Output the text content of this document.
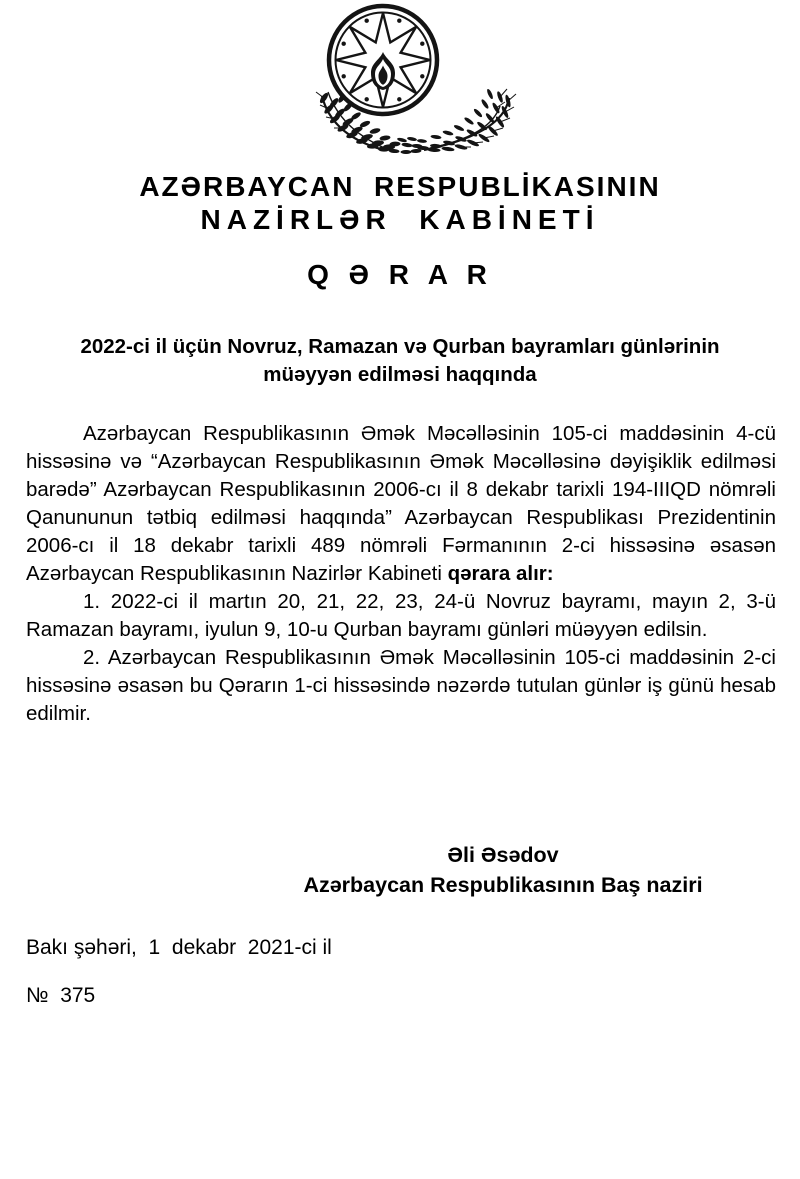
AZƏRBAYCAN  RESPUBLİKASININ
NAZİRLƏR  KABİNETİ
Q Ə R A R
2022-ci il üçün Novruz, Ramazan və Qurban bayramları günlərinin müəyyən edilməsi haqqında

Azərbaycan Respublikasının Əmək Məcəlləsinin 105-ci maddəsinin 4-cü hissəsinə və “Azərbaycan Respublikasının Əmək Məcəlləsinə dəyişiklik edilməsi barədə” Azərbaycan Respublikasının 2006-cı il 8 dekabr tarixli 194-IIIQD nömrəli Qanununun tətbiq edilməsi haqqında” Azərbaycan Respublikası Prezidentinin 2006-cı il 18 dekabr tarixli 489 nömrəli Fərmanının 2-ci hissəsinə əsasən Azərbaycan Respublikasının Nazirlər Kabineti qərara alır:

1. 2022-ci il martın 20, 21, 22, 23, 24-ü Novruz bayramı, mayın 2, 3-ü Ramazan bayramı, iyulun 9, 10-u Qurban bayramı günləri müəyyən edilsin.

2. Azərbaycan Respublikasının Əmək Məcəlləsinin 105-ci maddəsinin 2-ci hissəsinə əsasən bu Qərarın 1-ci hissəsində nəzərdə tutulan günlər iş günü hesab edilmir.

Əli Əsədov
Azərbaycan Respublikasının Baş naziri
Bakı şəhəri,  1  dekabr  2021-ci il
№  375
